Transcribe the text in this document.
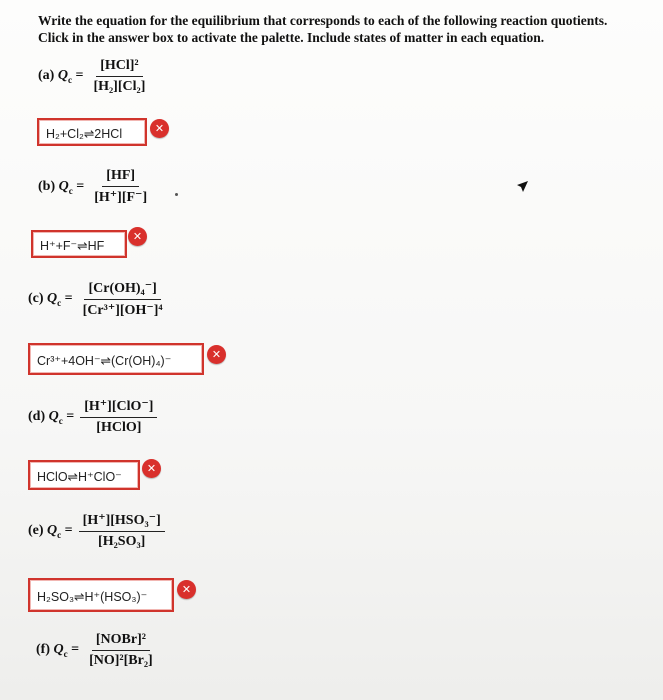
Write the equation for the equilibrium that corresponds to each of the following reaction quotients.
Click in the answer box to activate the palette. Include states of matter in each equation.
(a) $Q_c = \frac{\text{[HCl]²}}{\text{[H₂][Cl₂]}}$
H₂+Cl₂⇌2HCl	✕
(b) $Q_c = \frac{[HF]}{[H^+][F^-]}$
H⁺+F⁻⇌HF
✕
(c) $Q_c = \frac{\text{[Cr(OH)₄⁻]}}{\text{[Cr³⁺][OH⁻]⁴}}$
Cr³⁺+4OH⁻⇌(Cr(OH)₄)⁻	✕
(d) $Q_c = \frac{\text{[H⁺][ClO⁻]}}{\text{[HClO]}}$
HClO⇌H⁺ClO⁻
✕
(e) $Q_c = \frac{\text{[H⁺][HSO₃⁻]}}{\text{[H₂SO₃]}}$
H₂SO₃⇌H⁺(HSO₃)⁻	✕
(f) $Q_c = \frac{\text{[NOBr]²}}{\text{[NO]²[Br₂]}}$
